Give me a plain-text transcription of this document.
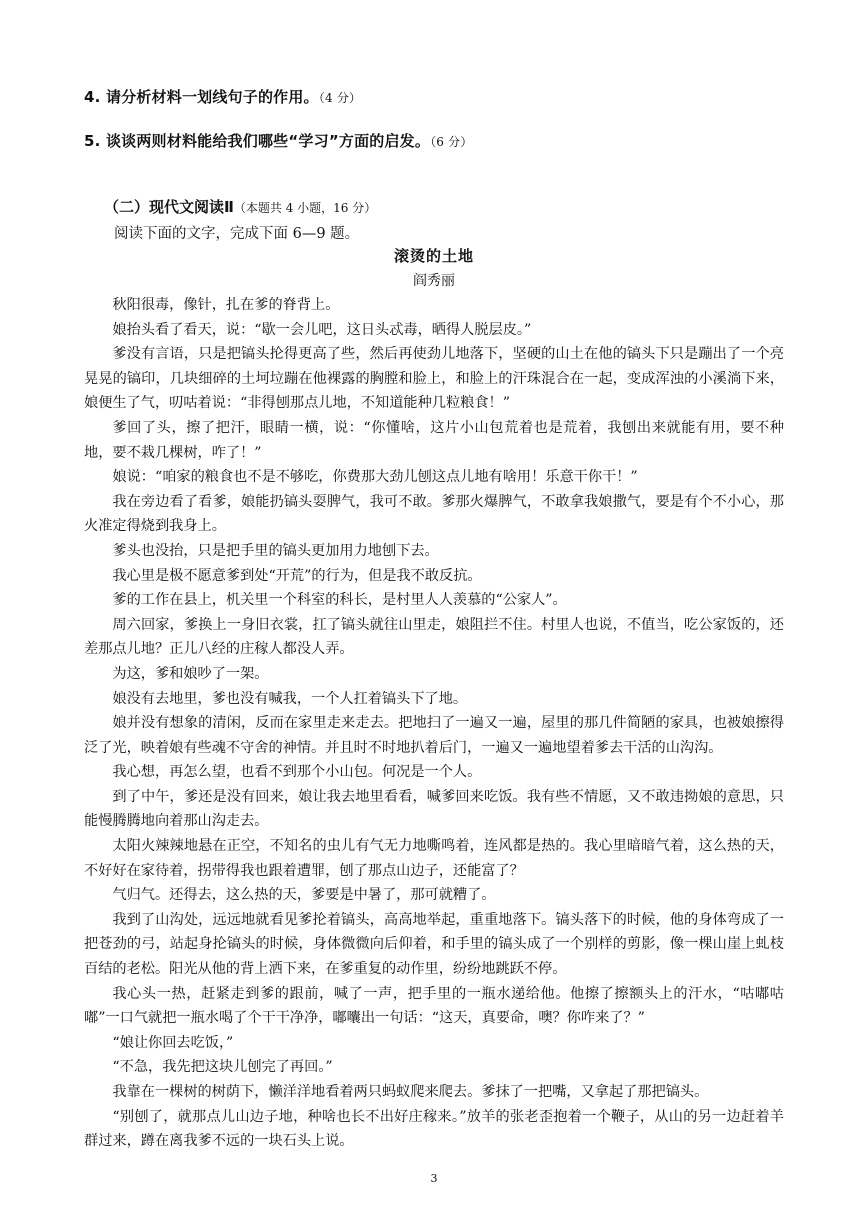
4. 请分析材料一划线句子的作用。（4 分）
5. 谈谈两则材料能给我们哪些“学习”方面的启发。（6 分）
（二）现代文阅读Ⅱ（本题共 4 小题，16 分）
阅读下面的文字，完成下面 6—9 题。
滚烫的土地
阎秀丽

秋阳很毒，像针，扎在爹的脊背上。

娘抬头看了看天，说：“歇一会儿吧，这日头忒毒，晒得人脱层皮。”

爹没有言语，只是把镐头抡得更高了些，然后再使劲儿地落下，坚硬的山土在他的镐头下只是蹦出了一个亮晃晃的镐印，几块细碎的土坷垃蹦在他裸露的胸膛和脸上，和脸上的汗珠混合在一起，变成浑浊的小溪淌下来，娘便生了气，叨咕着说：“非得刨那点儿地，不知道能种几粒粮食！”

爹回了头，擦了把汗，眼睛一横，说：“你懂啥，这片小山包荒着也是荒着，我刨出来就能有用，要不种地，要不栽几棵树，咋了！”

娘说：“咱家的粮食也不是不够吃，你费那大劲儿刨这点儿地有啥用！乐意干你干！”

我在旁边看了看爹，娘能扔镐头耍脾气，我可不敢。爹那火爆脾气，不敢拿我娘撒气，要是有个不小心，那火准定得烧到我身上。

爹头也没抬，只是把手里的镐头更加用力地刨下去。

我心里是极不愿意爹到处“开荒”的行为，但是我不敢反抗。

爹的工作在县上，机关里一个科室的科长，是村里人人羡慕的“公家人”。

周六回家，爹换上一身旧衣裳，扛了镐头就往山里走，娘阻拦不住。村里人也说，不值当，吃公家饭的，还差那点儿地？正儿八经的庄稼人都没人弄。

为这，爹和娘吵了一架。

娘没有去地里，爹也没有喊我，一个人扛着镐头下了地。

娘并没有想象的清闲，反而在家里走来走去。把地扫了一遍又一遍，屋里的那几件简陋的家具，也被娘擦得泛了光，映着娘有些魂不守舍的神情。并且时不时地扒着后门，一遍又一遍地望着爹去干活的山沟沟。

我心想，再怎么望，也看不到那个小山包。何况是一个人。

到了中午，爹还是没有回来，娘让我去地里看看，喊爹回来吃饭。我有些不情愿，又不敢违拗娘的意思，只能慢腾腾地向着那山沟走去。

太阳火辣辣地悬在正空，不知名的虫儿有气无力地嘶鸣着，连风都是热的。我心里暗暗气着，这么热的天，不好好在家待着，拐带得我也跟着遭罪，刨了那点山边子，还能富了？

气归气。还得去，这么热的天，爹要是中暑了，那可就糟了。

我到了山沟处，远远地就看见爹抡着镐头，高高地举起，重重地落下。镐头落下的时候，他的身体弯成了一把苍劲的弓，站起身抡镐头的时候，身体微微向后仰着，和手里的镐头成了一个别样的剪影，像一棵山崖上虬枝百结的老松。阳光从他的背上洒下来，在爹重复的动作里，纷纷地跳跃不停。

我心头一热，赶紧走到爹的跟前，喊了一声，把手里的一瓶水递给他。他擦了擦额头上的汗水，“咕嘟咕嘟”一口气就把一瓶水喝了个干干净净，嘟囔出一句话：“这天，真要命，噢？你咋来了？”

“娘让你回去吃饭，”

“不急，我先把这块儿刨完了再回。”

我靠在一棵树的树荫下，懒洋洋地看着两只蚂蚁爬来爬去。爹抹了一把嘴，又拿起了那把镐头。

“别刨了，就那点儿山边子地，种啥也长不出好庄稼来。”放羊的张老歪抱着一个鞭子，从山的另一边赶着羊群过来，蹲在离我爹不远的一块石头上说。

3
